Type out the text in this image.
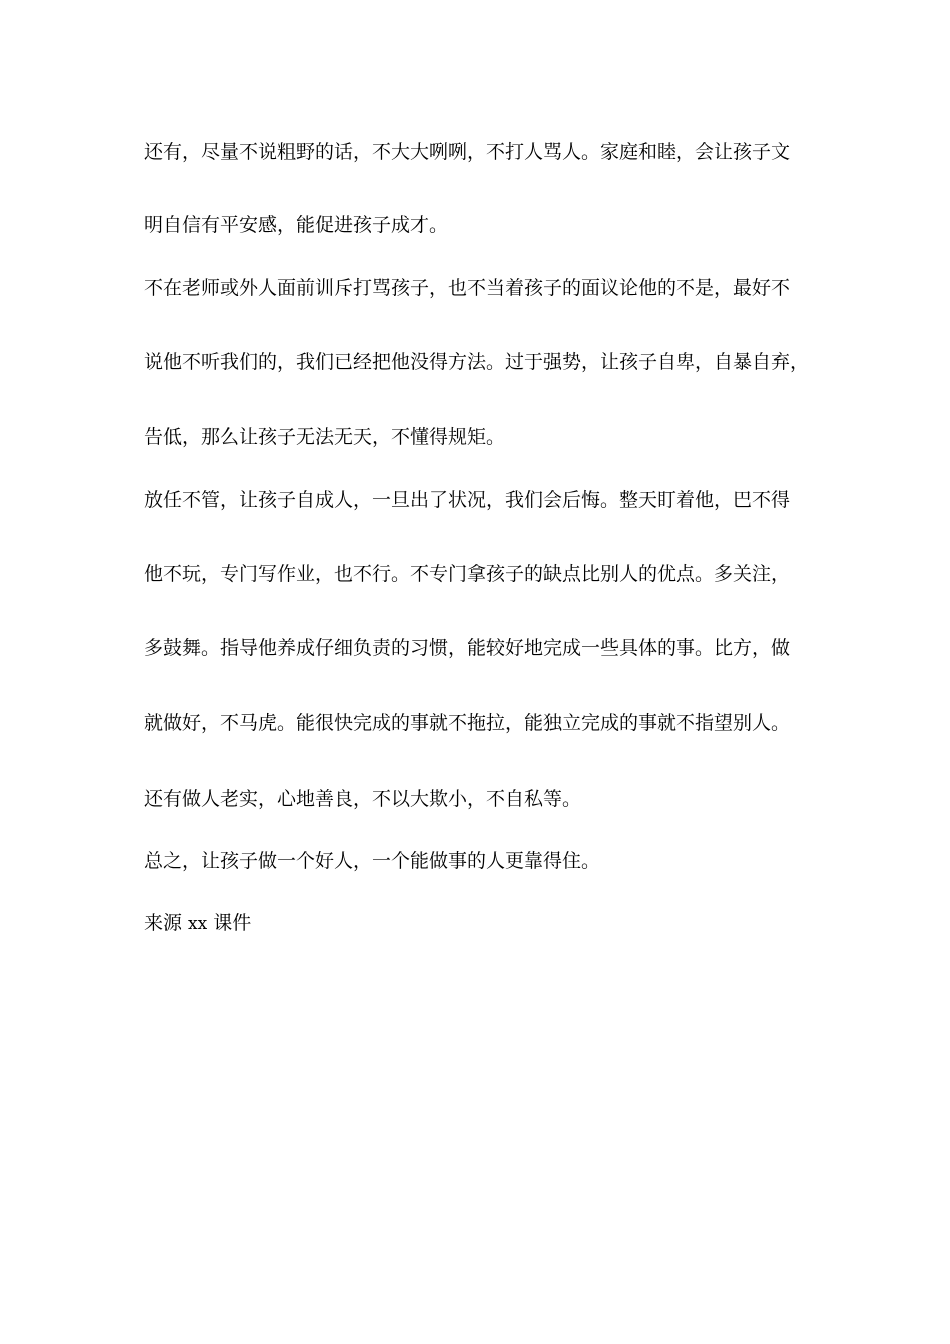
还有，尽量不说粗野的话，不大大咧咧，不打人骂人。家庭和睦，会让孩子文

明自信有平安感，能促进孩子成才。

不在老师或外人面前训斥打骂孩子，也不当着孩子的面议论他的不是，最好不

说他不听我们的，我们已经把他没得方法。过于强势，让孩子自卑，自暴自弃，

告低，那么让孩子无法无天，不懂得规矩。

放任不管，让孩子自成人，一旦出了状况，我们会后悔。整天盯着他，巴不得

他不玩，专门写作业，也不行。不专门拿孩子的缺点比别人的优点。多关注，

多鼓舞。指导他养成仔细负责的习惯，能较好地完成一些具体的事。比方，做

就做好，不马虎。能很快完成的事就不拖拉，能独立完成的事就不指望别人。

还有做人老实，心地善良，不以大欺小，不自私等。

总之，让孩子做一个好人，一个能做事的人更靠得住。

来源 xx 课件
